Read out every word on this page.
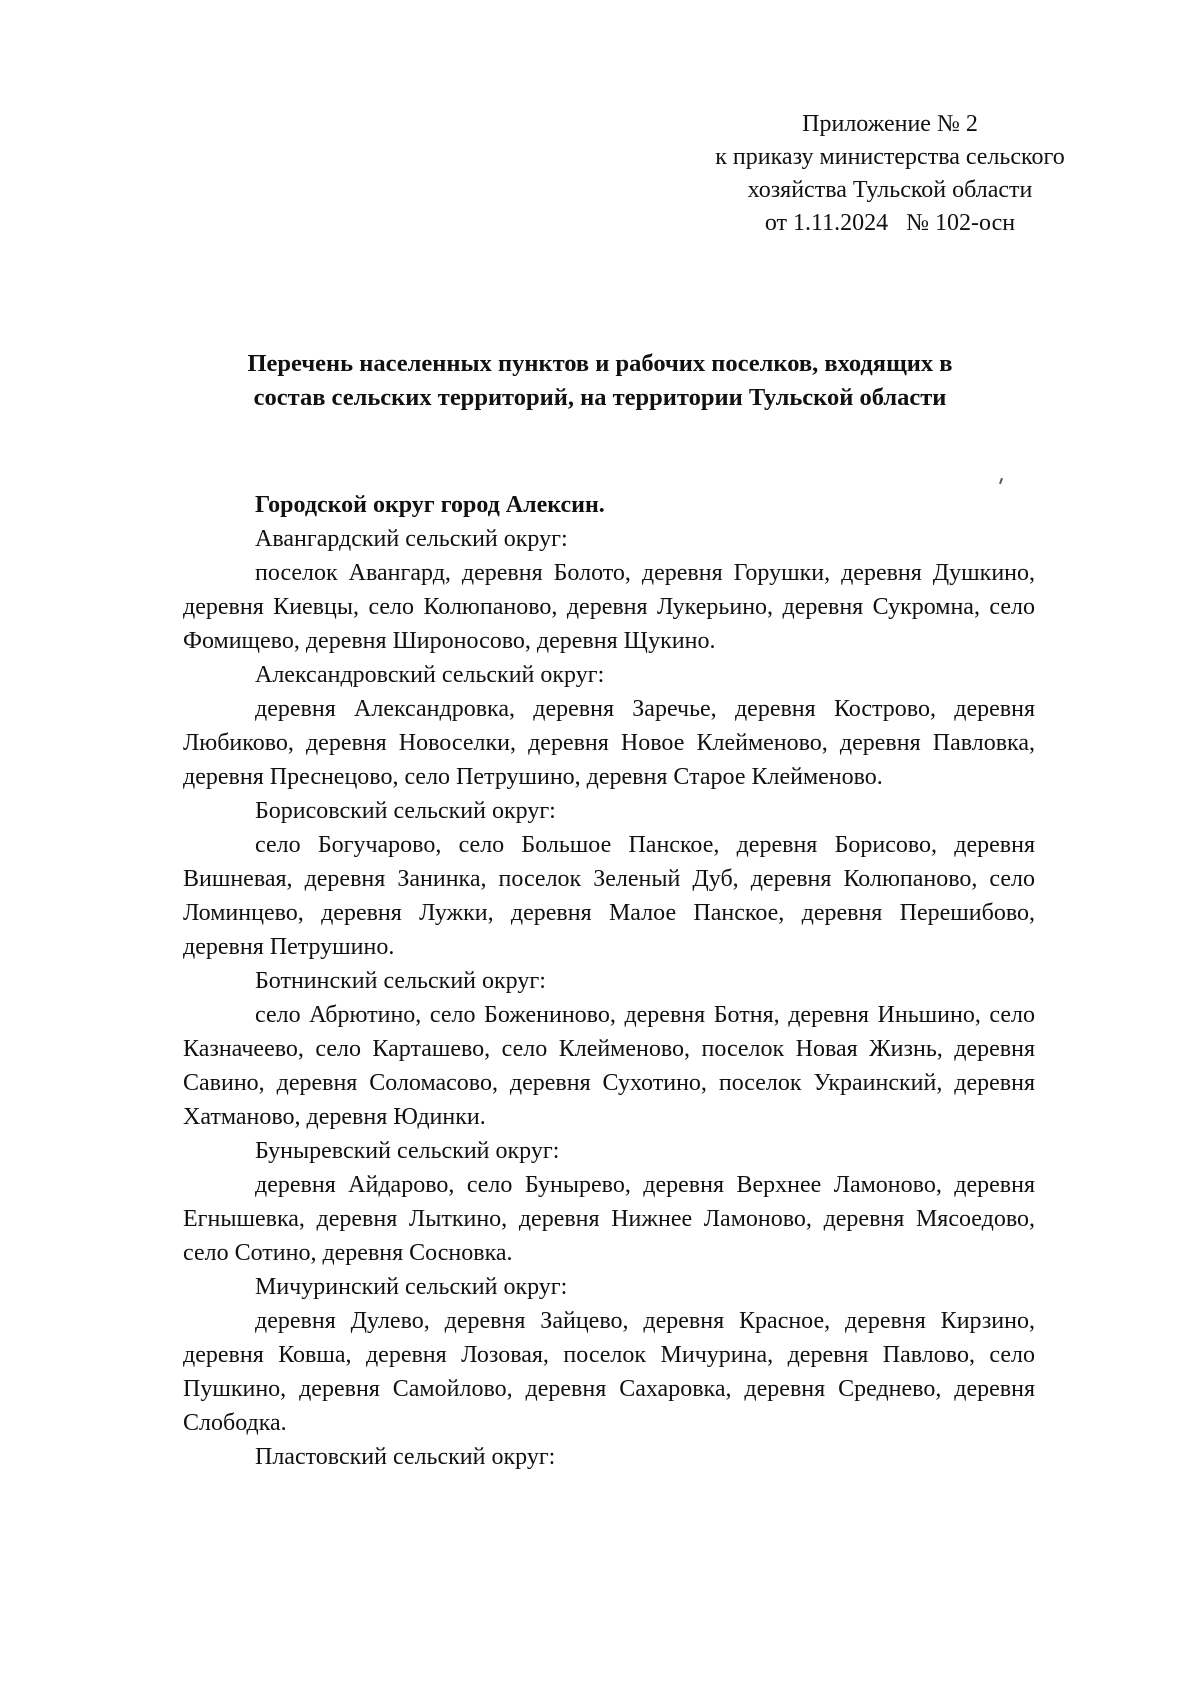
Приложение № 2
к приказу министерства сельского
хозяйства Тульской области
от 1.11.2024   № 102-осн
Перечень населенных пунктов и рабочих поселков, входящих в
состав сельских территорий, на территории Тульской области

Городской округ город Алексин.

Авангардский сельский округ:

поселок Авангард, деревня Болото, деревня Горушки, деревня Душкино, деревня Киевцы, село Колюпаново, деревня Лукерьино, деревня Сукромна, село Фомищево, деревня Широносово, деревня Щукино.

Александровский сельский округ:

деревня Александровка, деревня Заречье, деревня Кострово, деревня Любиково, деревня Новоселки, деревня Новое Клейменово, деревня Павловка, деревня Преснецово, село Петрушино, деревня Старое Клейменово.

Борисовский сельский округ:

село Богучарово, село Большое Панское, деревня Борисово, деревня Вишневая, деревня Занинка, поселок Зеленый Дуб, деревня Колюпаново, село Ломинцево, деревня Лужки, деревня Малое Панское, деревня Перешибово, деревня Петрушино.

Ботнинский сельский округ:

село Абрютино, село Божениново, деревня Ботня, деревня Иньшино, село Казначеево, село Карташево, село Клейменово, поселок Новая Жизнь, деревня Савино, деревня Соломасово, деревня Сухотино, поселок Украинский, деревня Хатманово, деревня Юдинки.

Буныревский сельский округ:

деревня Айдарово, село Бунырево, деревня Верхнее Ламоново, деревня Егнышевка, деревня Лыткино, деревня Нижнее Ламоново, деревня Мясоедово, село Сотино, деревня Сосновка.

Мичуринский сельский округ:

деревня Дулево, деревня Зайцево, деревня Красное, деревня Кирзино, деревня Ковша, деревня Лозовая, поселок Мичурина, деревня Павлово, село Пушкино, деревня Самойлово, деревня Сахаровка, деревня Среднево, деревня Слободка.

Пластовский сельский округ:
